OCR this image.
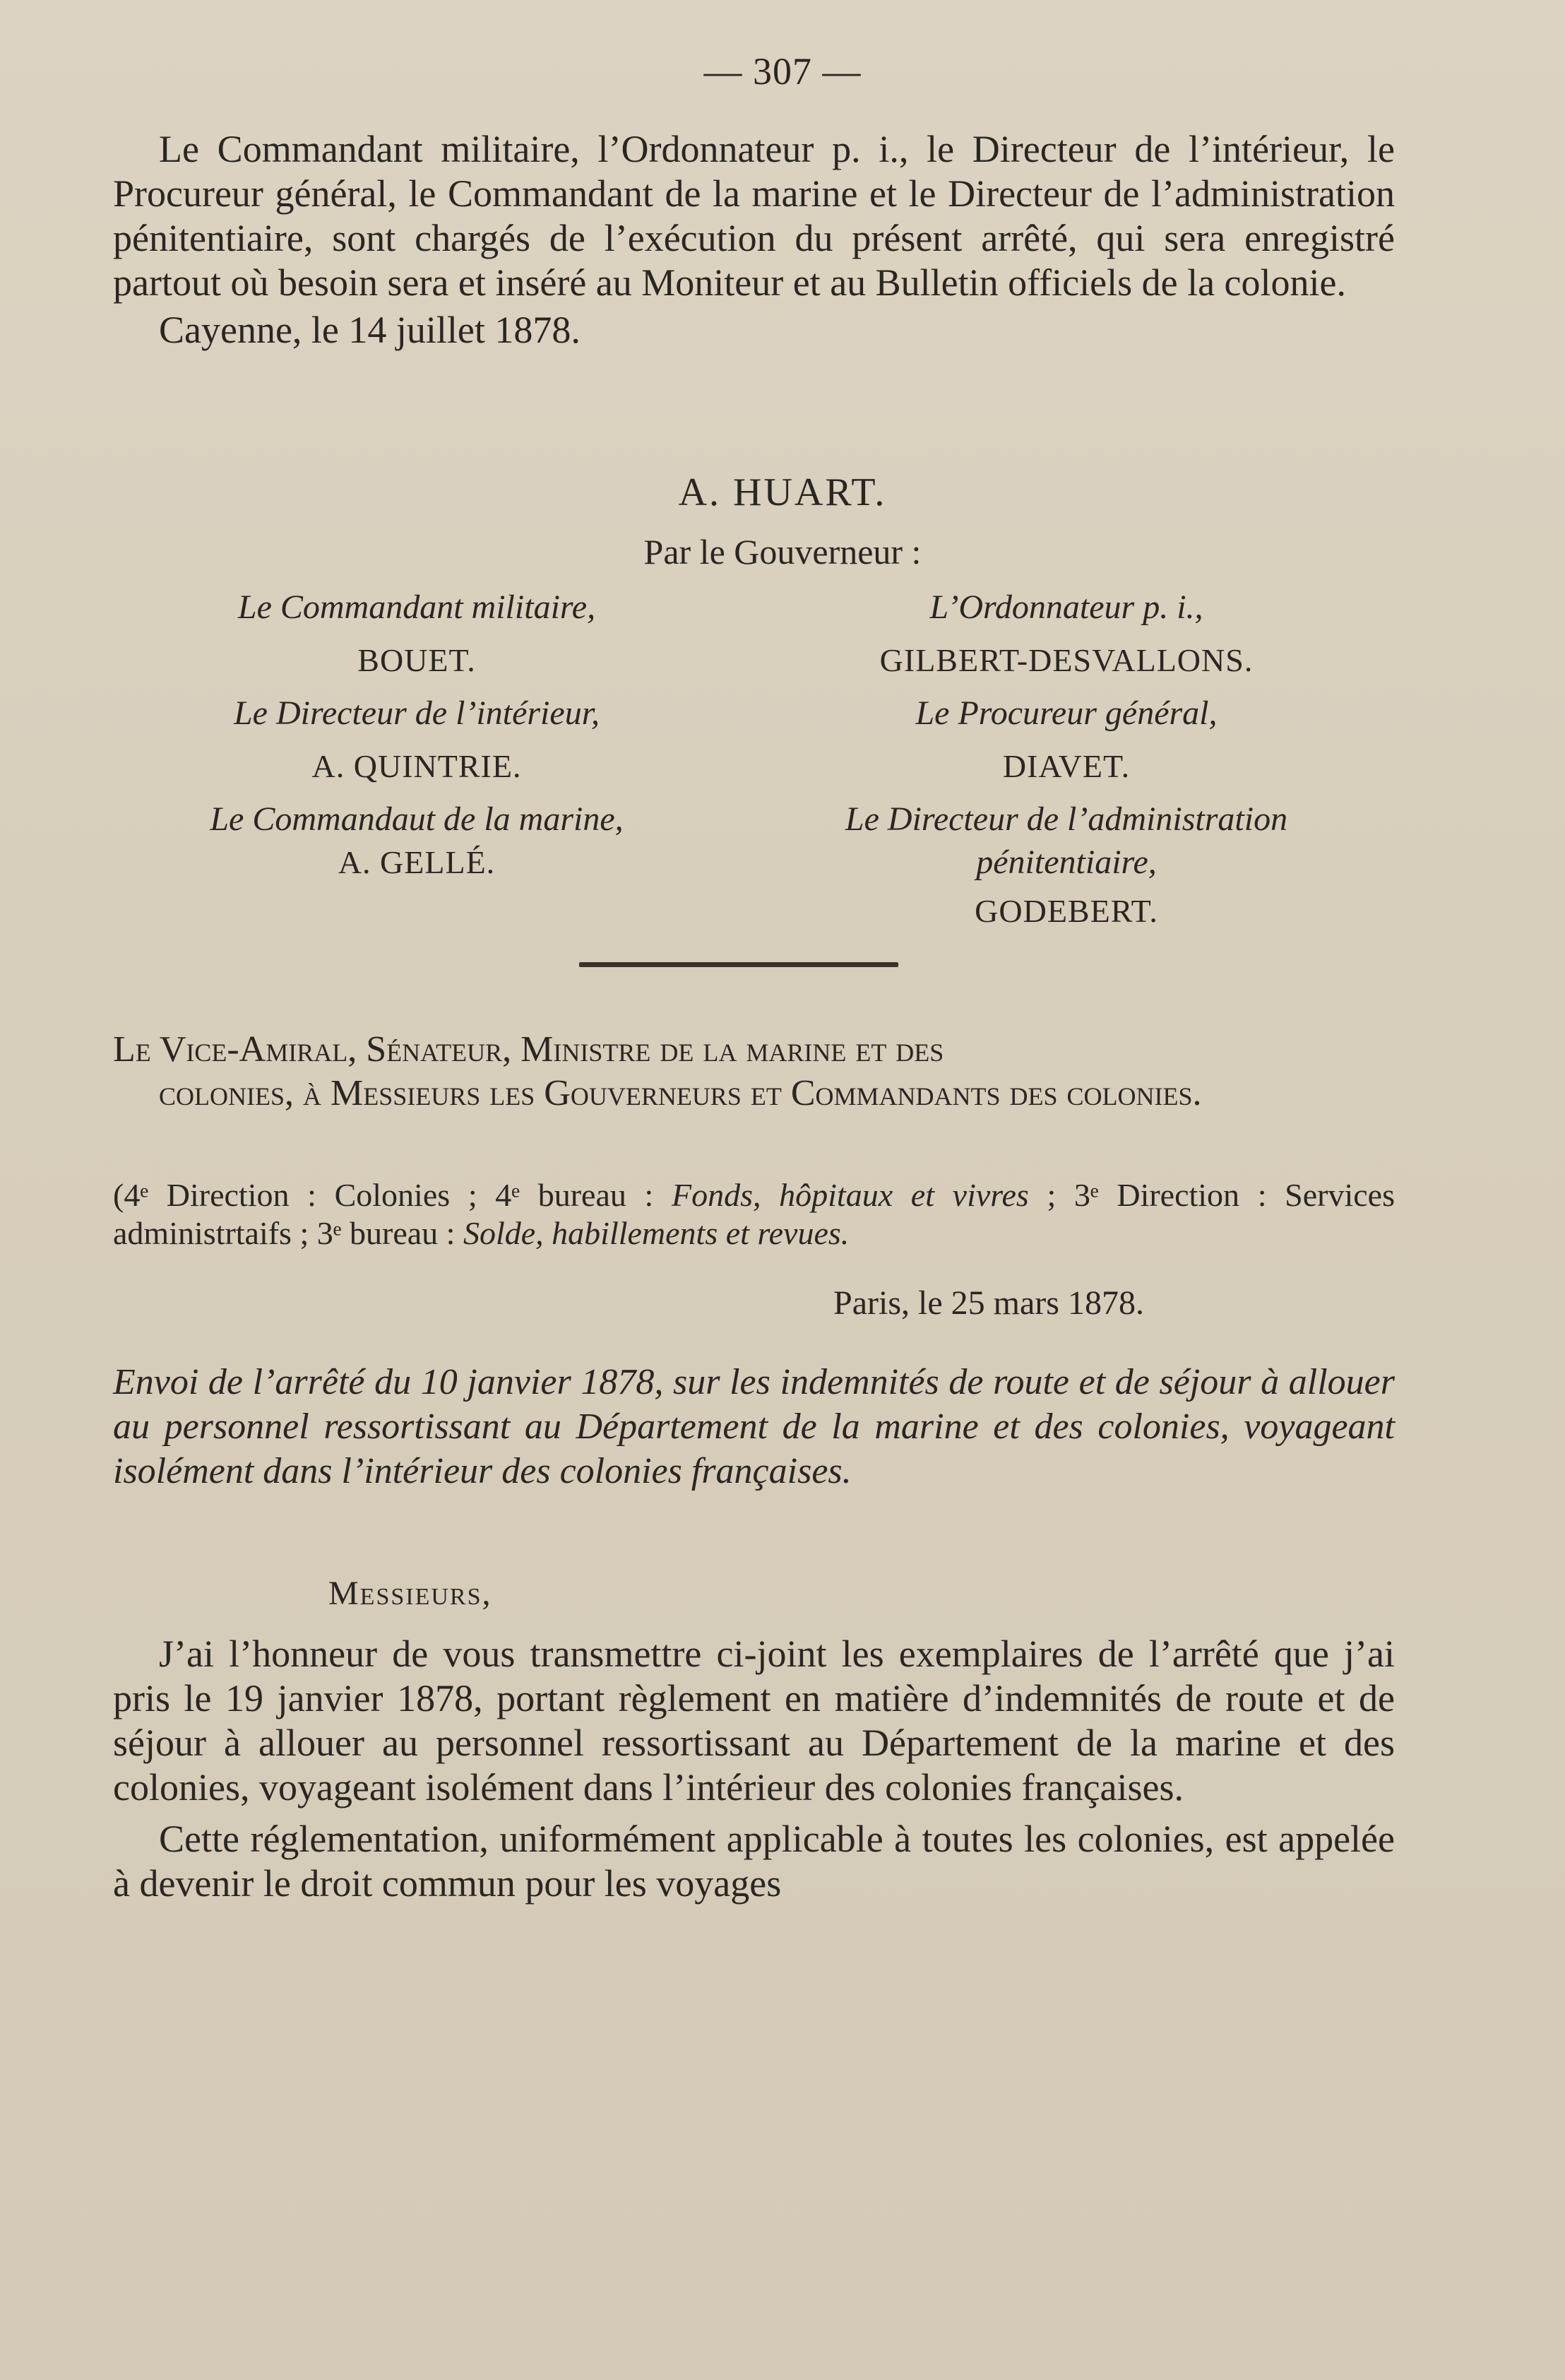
— 307 —

Le Commandant militaire, l’Ordonnateur p. i., le Directeur de l’intérieur, le Procureur général, le Commandant de la marine et le Directeur de l’administration pénitentiaire, sont chargés de l’exécution du présent arrêté, qui sera enregistré partout où besoin sera et inséré au Moniteur et au Bulletin officiels de la colonie.

Cayenne, le 14 juillet 1878.

A. HUART.
Par le Gouverneur :
Le Commandant militaire,
BOUET.
Le Directeur de l’intérieur,
A. QUINTRIE.
Le Commandaut de la marine,
A. GELLÉ.
L’Ordonnateur p. i.,
GILBERT-DESVALLONS.
Le Procureur général,
DIAVET.
Le Directeur de l’administration
pénitentiaire,
GODEBERT.
Le Vice-Amiral, Sénateur, Ministre de la marine et des
colonies, à Messieurs les Gouverneurs et Commandants des colonies.
(4ᵉ Direction : Colonies ; 4ᵉ bureau : Fonds, hôpitaux et vivres ; 3ᵉ Direction : Services administrtaifs ; 3ᵉ bureau : Solde, habillements et revues.
Paris, le 25 mars 1878.
Envoi de l’arrêté du 10 janvier 1878, sur les indemnités de route et de séjour à allouer au personnel ressortissant au Département de la marine et des colonies, voyageant isolément dans l’intérieur des colonies françaises.
Messieurs,

J’ai l’honneur de vous transmettre ci-joint les exemplaires de l’arrêté que j’ai pris le 19 janvier 1878, portant règlement en matière d’indemnités de route et de séjour à allouer au personnel ressortissant au Département de la marine et des colonies, voyageant isolément dans l’intérieur des colonies françaises.

Cette réglementation, uniformément applicable à toutes les colonies, est appelée à devenir le droit commun pour les voyages
